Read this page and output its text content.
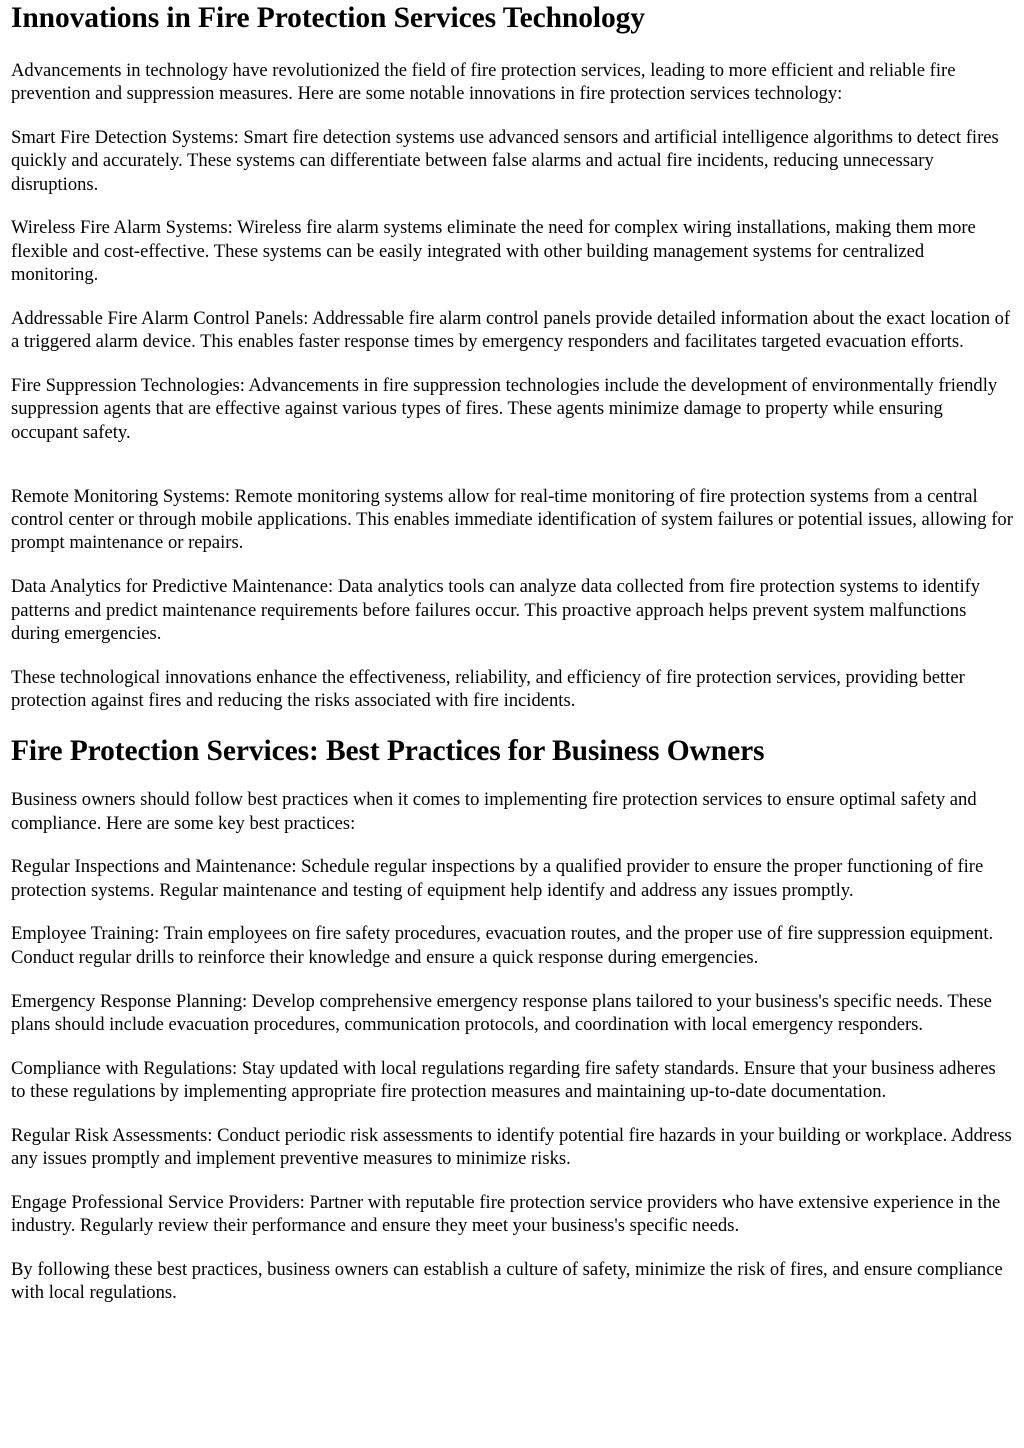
Innovations in Fire Protection Services Technology

Advancements in technology have revolutionized the field of fire protection services, leading to more efficient and reliable fire prevention and suppression measures. Here are some notable innovations in fire protection services technology:

Smart Fire Detection Systems: Smart fire detection systems use advanced sensors and artificial intelligence algorithms to detect fires quickly and accurately. These systems can differentiate between false alarms and actual fire incidents, reducing unnecessary disruptions.

Wireless Fire Alarm Systems: Wireless fire alarm systems eliminate the need for complex wiring installations, making them more flexible and cost-effective. These systems can be easily integrated with other building management systems for centralized monitoring.

Addressable Fire Alarm Control Panels: Addressable fire alarm control panels provide detailed information about the exact location of a triggered alarm device. This enables faster response times by emergency responders and facilitates targeted evacuation efforts.

Fire Suppression Technologies: Advancements in fire suppression technologies include the development of environmentally friendly suppression agents that are effective against various types of fires. These agents minimize damage to property while ensuring occupant safety.

Remote Monitoring Systems: Remote monitoring systems allow for real-time monitoring of fire protection systems from a central control center or through mobile applications. This enables immediate identification of system failures or potential issues, allowing for prompt maintenance or repairs.

Data Analytics for Predictive Maintenance: Data analytics tools can analyze data collected from fire protection systems to identify patterns and predict maintenance requirements before failures occur. This proactive approach helps prevent system malfunctions during emergencies.

These technological innovations enhance the effectiveness, reliability, and efficiency of fire protection services, providing better protection against fires and reducing the risks associated with fire incidents.

Fire Protection Services: Best Practices for Business Owners

Business owners should follow best practices when it comes to implementing fire protection services to ensure optimal safety and compliance. Here are some key best practices:

Regular Inspections and Maintenance: Schedule regular inspections by a qualified provider to ensure the proper functioning of fire protection systems. Regular maintenance and testing of equipment help identify and address any issues promptly.

Employee Training: Train employees on fire safety procedures, evacuation routes, and the proper use of fire suppression equipment. Conduct regular drills to reinforce their knowledge and ensure a quick response during emergencies.

Emergency Response Planning: Develop comprehensive emergency response plans tailored to your business's specific needs. These plans should include evacuation procedures, communication protocols, and coordination with local emergency responders.

Compliance with Regulations: Stay updated with local regulations regarding fire safety standards. Ensure that your business adheres to these regulations by implementing appropriate fire protection measures and maintaining up-to-date documentation.

Regular Risk Assessments: Conduct periodic risk assessments to identify potential fire hazards in your building or workplace. Address any issues promptly and implement preventive measures to minimize risks.

Engage Professional Service Providers: Partner with reputable fire protection service providers who have extensive experience in the industry. Regularly review their performance and ensure they meet your business's specific needs.

By following these best practices, business owners can establish a culture of safety, minimize the risk of fires, and ensure compliance with local regulations.
